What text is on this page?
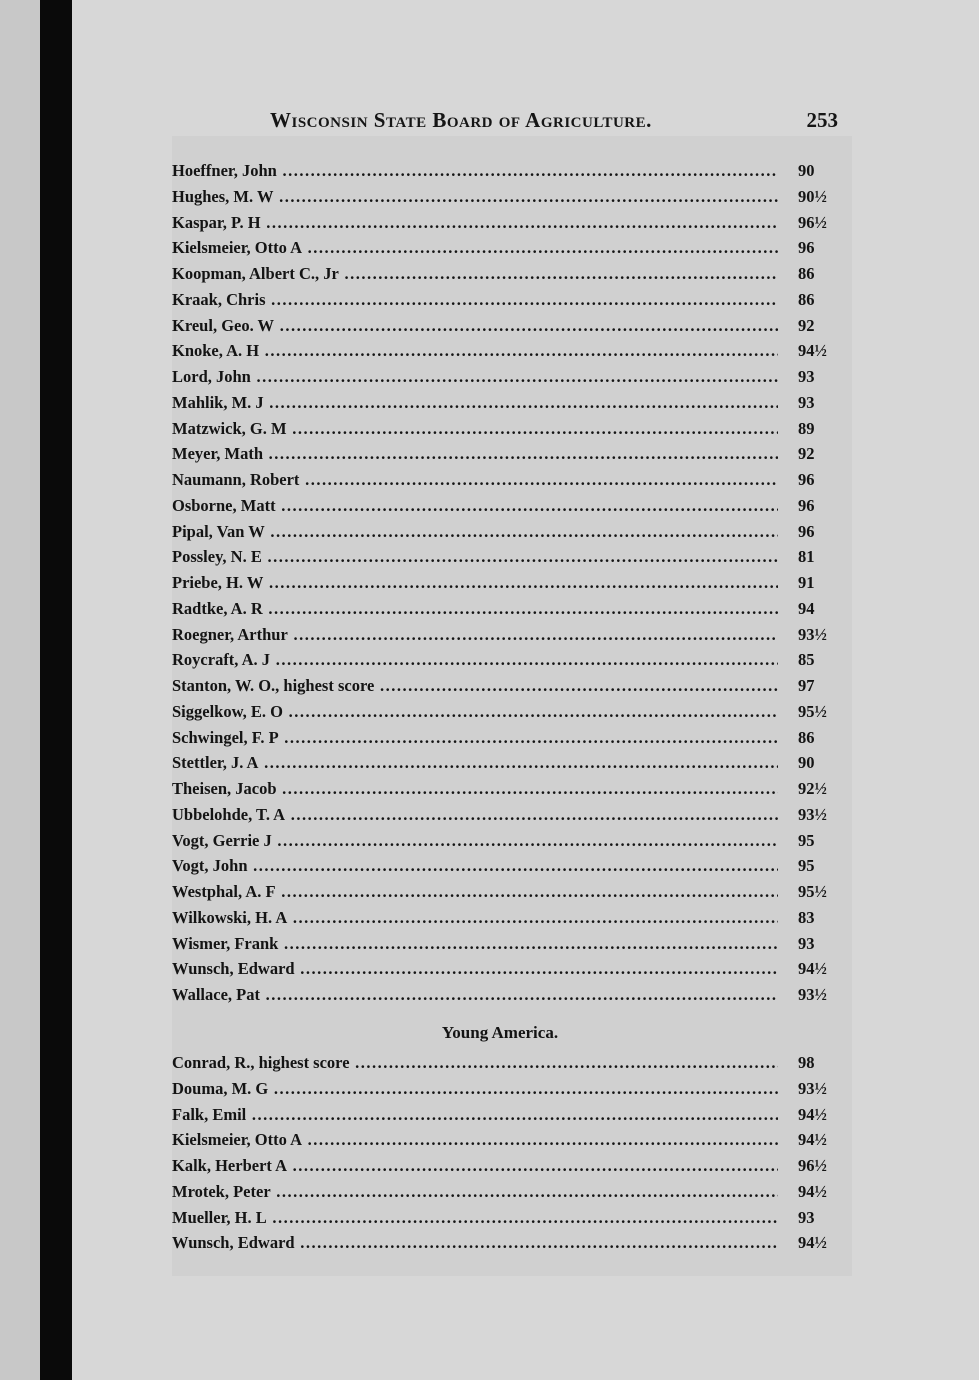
Wisconsin State Board of Agriculture.	253
Hoeffner, John .....	90
Hughes, M. W .....	90½
Kaspar, P. H .....	96½
Kielsmeier, Otto A .....	96
Koopman, Albert C., Jr .....	86
Kraak, Chris .....	86
Kreul, Geo. W .....	92
Knoke, A. H .....	94½
Lord, John .....	93
Mahlik, M. J .....	93
Matzwick, G. M .....	89
Meyer, Math .....	92
Naumann, Robert .....	96
Osborne, Matt .....	96
Pipal, Van W .....	96
Possley, N. E .....	81
Priebe, H. W .....	91
Radtke, A. R .....	94
Roegner, Arthur .....	93½
Roycraft, A. J .....	85
Stanton, W. O., highest score .....	97
Siggelkow, E. O .....	95½
Schwingel, F. P .....	86
Stettler, J. A .....	90
Theisen, Jacob .....	92½
Ubbelohde, T. A .....	93½
Vogt, Gerrie J .....	95
Vogt, John .....	95
Westphal, A. F .....	95½
Wilkowski, H. A .....	83
Wismer, Frank .....	93
Wunsch, Edward .....	94½
Wallace, Pat .....	93½
Young America.
Conrad, R., highest score .....	98
Douma, M. G .....	93½
Falk, Emil .....	94½
Kielsmeier, Otto A .....	94½
Kalk, Herbert A .....	96½
Mrotek, Peter .....	94½
Mueller, H. L .....	93
Wunsch, Edward .....	94½
